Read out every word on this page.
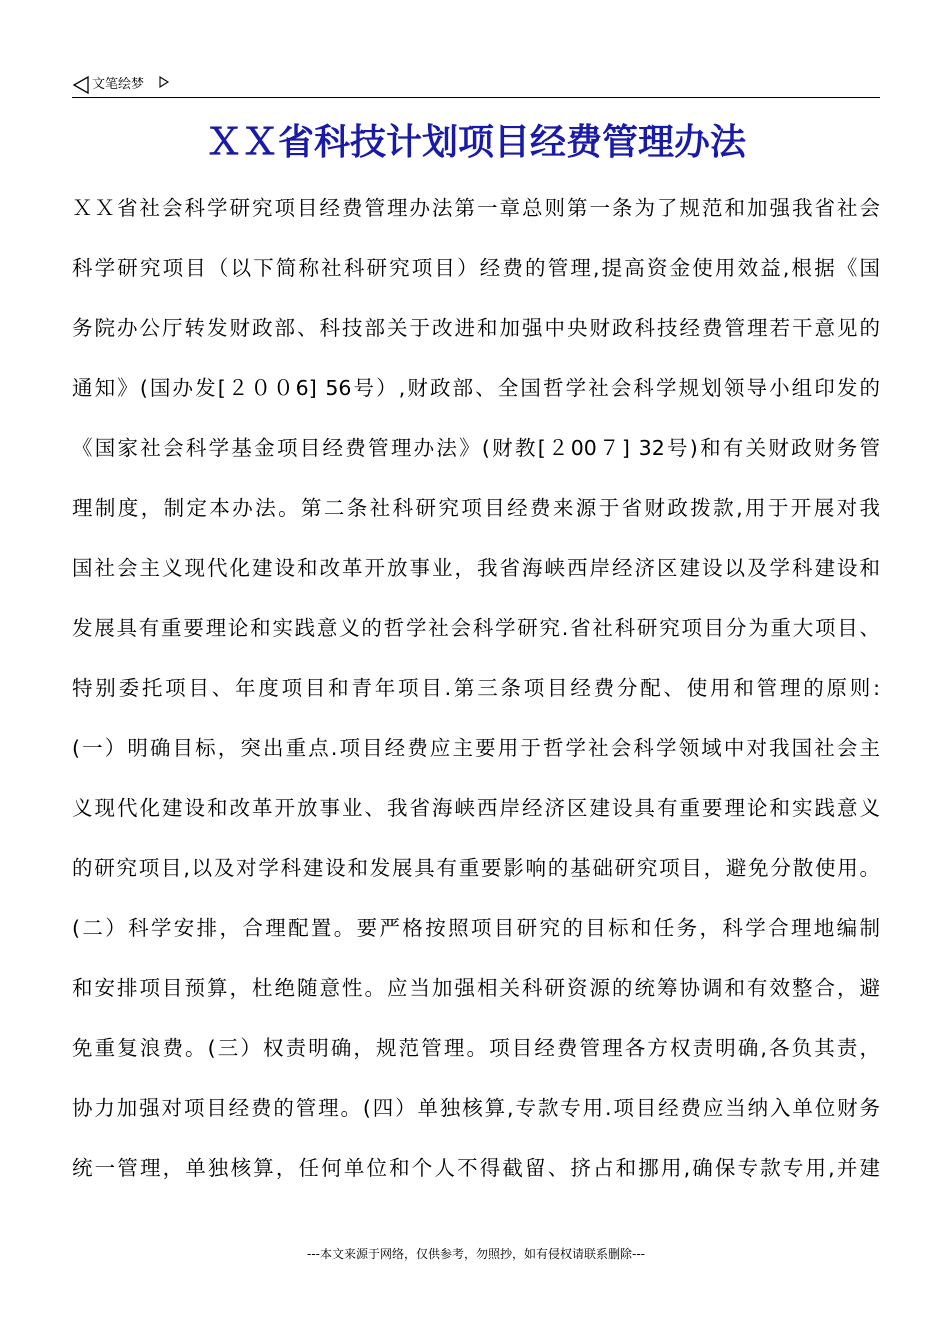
文笔绘梦
ＸＸ省科技计划项目经费管理办法
ＸＸ省社会科学研究项目经费管理办法第一章总则第一条为了规范和加强我省社会
科学研究项目（以下简称社科研究项目）经费的管理,提高资金使用效益,根据《国
务院办公厅转发财政部、科技部关于改进和加强中央财政科技经费管理若干意见的
通知》(国办发[２００6] 56号）,财政部、全国哲学社会科学规划领导小组印发的
《国家社会科学基金项目经费管理办法》(财教[２00７] 32号)和有关财政财务管
理制度，制定本办法。第二条社科研究项目经费来源于省财政拨款,用于开展对我
国社会主义现代化建设和改革开放事业，我省海峡西岸经济区建设以及学科建设和
发展具有重要理论和实践意义的哲学社会科学研究.省社科研究项目分为重大项目、
特别委托项目、年度项目和青年项目.第三条项目经费分配、使用和管理的原则:
(一）明确目标，突出重点.项目经费应主要用于哲学社会科学领域中对我国社会主
义现代化建设和改革开放事业、我省海峡西岸经济区建设具有重要理论和实践意义
的研究项目,以及对学科建设和发展具有重要影响的基础研究项目，避免分散使用。
(二）科学安排，合理配置。要严格按照项目研究的目标和任务，科学合理地编制
和安排项目预算，杜绝随意性。应当加强相关科研资源的统筹协调和有效整合，避
免重复浪费。(三）权责明确，规范管理。项目经费管理各方权责明确,各负其责，
协力加强对项目经费的管理。(四）单独核算,专款专用.项目经费应当纳入单位财务
统一管理，单独核算，任何单位和个人不得截留、挤占和挪用,确保专款专用,并建
---本文来源于网络，仅供参考，勿照抄，如有侵权请联系删除---
